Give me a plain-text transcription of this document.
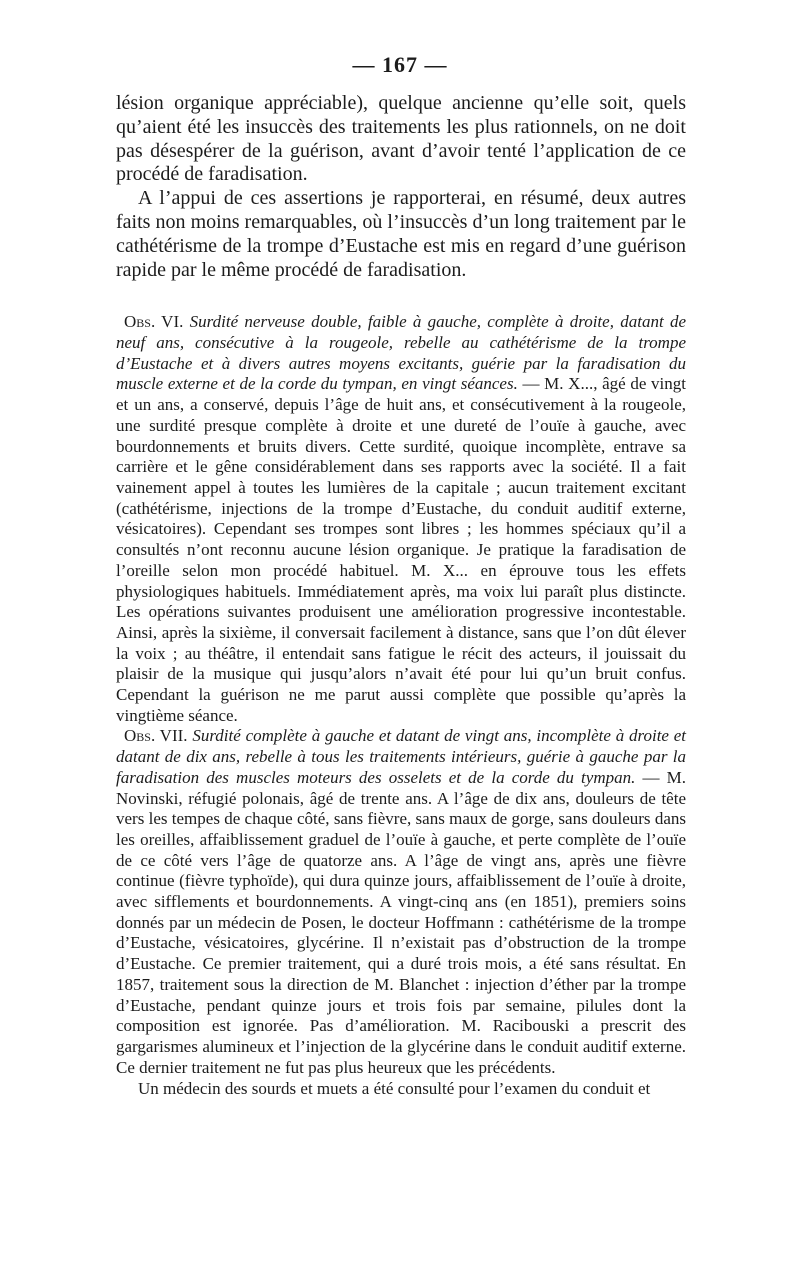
— 167 —

lésion organique appréciable), quelque ancienne qu’elle soit, quels qu’aient été les insuccès des traitements les plus rationnels, on ne doit pas désespérer de la guérison, avant d’avoir tenté l’application de ce procédé de faradisation.

A l’appui de ces assertions je rapporterai, en résumé, deux autres faits non moins remarquables, où l’insuccès d’un long traitement par le cathétérisme de la trompe d’Eustache est mis en regard d’une guérison rapide par le même procédé de faradisation.

Obs. VI. Surdité nerveuse double, faible à gauche, complète à droite, datant de neuf ans, consécutive à la rougeole, rebelle au cathétérisme de la trompe d’Eustache et à divers autres moyens excitants, guérie par la faradisation du muscle externe et de la corde du tympan, en vingt séances. — M. X..., âgé de vingt et un ans, a conservé, depuis l’âge de huit ans, et consécutivement à la rougeole, une surdité presque complète à droite et une dureté de l’ouïe à gauche, avec bourdonnements et bruits divers. Cette surdité, quoique incomplète, entrave sa carrière et le gêne considérablement dans ses rapports avec la société. Il a fait vainement appel à toutes les lumières de la capitale ; aucun traitement excitant (cathétérisme, injections de la trompe d’Eustache, du conduit auditif externe, vésicatoires). Cependant ses trompes sont libres ; les hommes spéciaux qu’il a consultés n’ont reconnu aucune lésion organique. Je pratique la faradisation de l’oreille selon mon procédé habituel. M. X... en éprouve tous les effets physiologiques habituels. Immédiatement après, ma voix lui paraît plus distincte. Les opérations suivantes produisent une amélioration progressive incontestable. Ainsi, après la sixième, il conversait facilement à distance, sans que l’on dût élever la voix ; au théâtre, il entendait sans fatigue le récit des acteurs, il jouissait du plaisir de la musique qui jusqu’alors n’avait été pour lui qu’un bruit confus. Cependant la guérison ne me parut aussi complète que possible qu’après la vingtième séance.

Obs. VII. Surdité complète à gauche et datant de vingt ans, incomplète à droite et datant de dix ans, rebelle à tous les traitements intérieurs, guérie à gauche par la faradisation des muscles moteurs des osselets et de la corde du tympan. — M. Novinski, réfugié polonais, âgé de trente ans. A l’âge de dix ans, douleurs de tête vers les tempes de chaque côté, sans fièvre, sans maux de gorge, sans douleurs dans les oreilles, affaiblissement graduel de l’ouïe à gauche, et perte complète de l’ouïe de ce côté vers l’âge de quatorze ans. A l’âge de vingt ans, après une fièvre continue (fièvre typhoïde), qui dura quinze jours, affaiblissement de l’ouïe à droite, avec sifflements et bourdonnements. A vingt-cinq ans (en 1851), premiers soins donnés par un médecin de Posen, le docteur Hoffmann : cathétérisme de la trompe d’Eustache, vésicatoires, glycérine. Il n’existait pas d’obstruction de la trompe d’Eustache. Ce premier traitement, qui a duré trois mois, a été sans résultat. En 1857, traitement sous la direction de M. Blanchet : injection d’éther par la trompe d’Eustache, pendant quinze jours et trois fois par semaine, pilules dont la composition est ignorée. Pas d’amélioration. M. Racibouski a prescrit des gargarismes alumineux et l’injection de la glycérine dans le conduit auditif externe. Ce dernier traitement ne fut pas plus heureux que les précédents.

Un médecin des sourds et muets a été consulté pour l’examen du conduit et
